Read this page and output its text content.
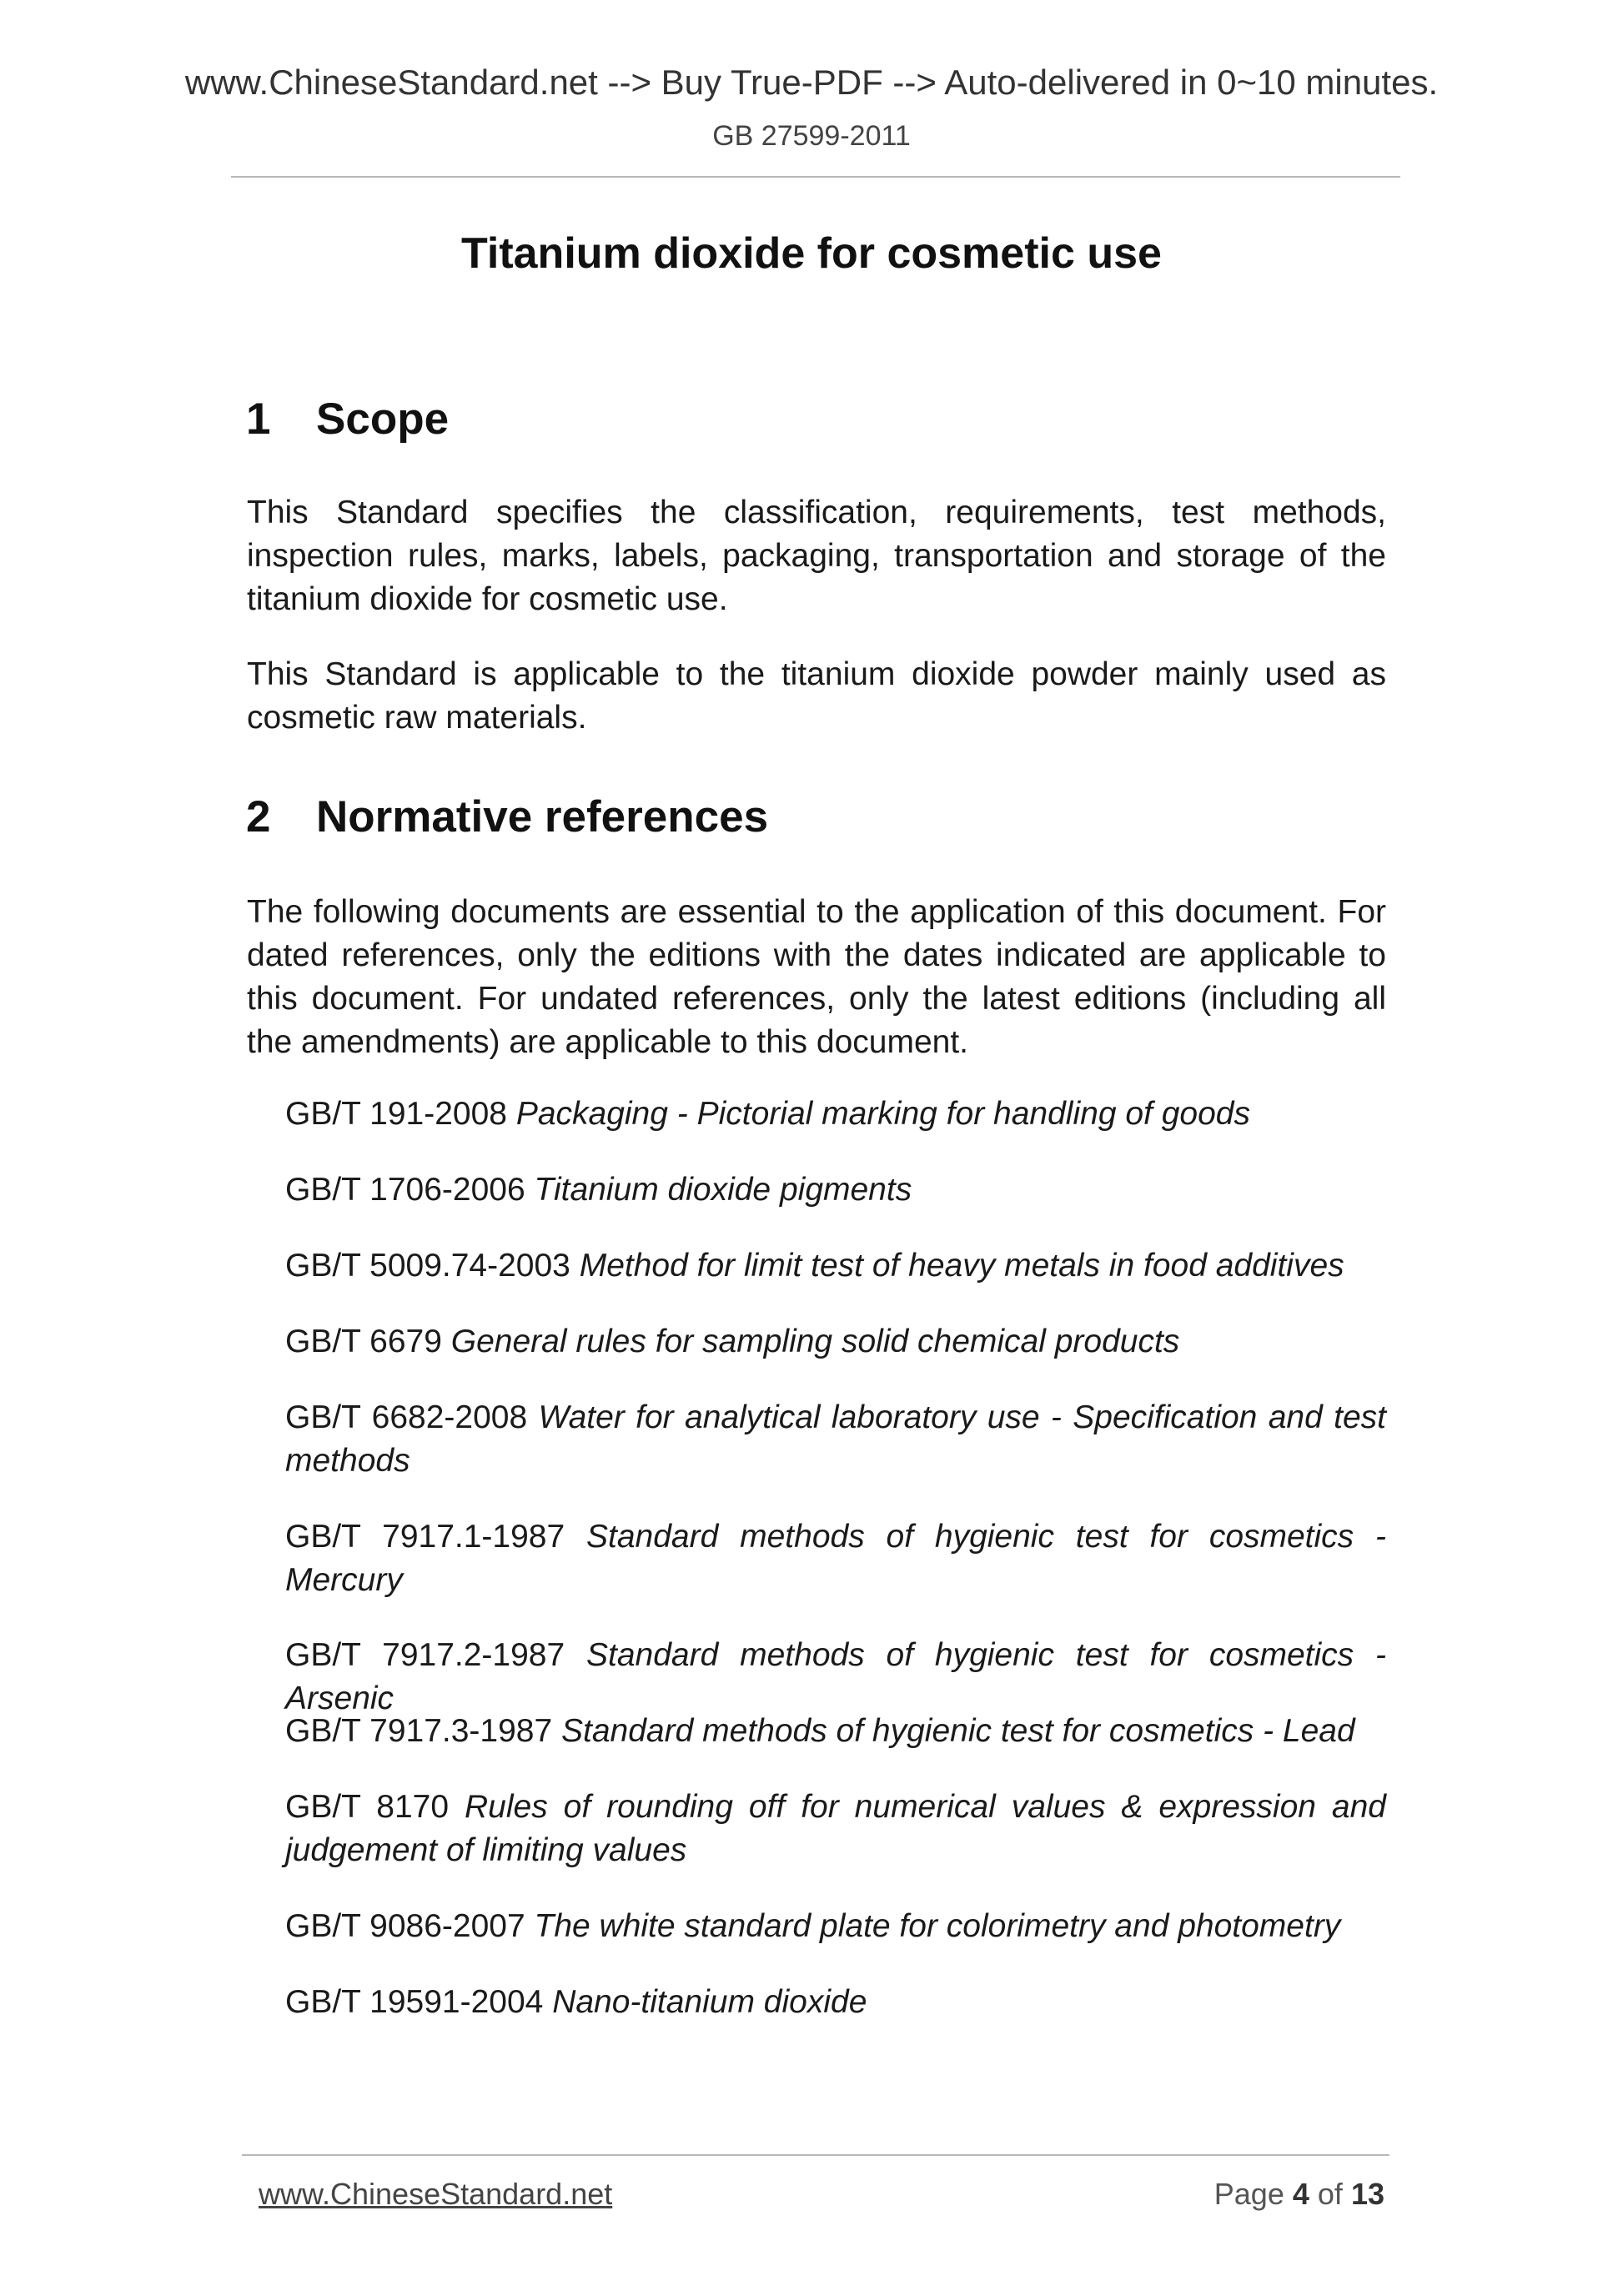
www.ChineseStandard.net --> Buy True-PDF --> Auto-delivered in 0~10 minutes.
GB 27599-2011
Titanium dioxide for cosmetic use
1	Scope
This Standard specifies the classification, requirements, test methods, inspection rules, marks, labels, packaging, transportation and storage of the titanium dioxide for cosmetic use.
This Standard is applicable to the titanium dioxide powder mainly used as cosmetic raw materials.
2	Normative references
The following documents are essential to the application of this document. For dated references, only the editions with the dates indicated are applicable to this document. For undated references, only the latest editions (including all the amendments) are applicable to this document.
GB/T 191-2008 Packaging - Pictorial marking for handling of goods
GB/T 1706-2006 Titanium dioxide pigments
GB/T 5009.74-2003 Method for limit test of heavy metals in food additives
GB/T 6679 General rules for sampling solid chemical products
GB/T 6682-2008 Water for analytical laboratory use - Specification and test methods
GB/T 7917.1-1987 Standard methods of hygienic test for cosmetics - Mercury
GB/T 7917.2-1987 Standard methods of hygienic test for cosmetics - Arsenic
GB/T 7917.3-1987 Standard methods of hygienic test for cosmetics - Lead
GB/T 8170 Rules of rounding off for numerical values & expression and judgement of limiting values
GB/T 9086-2007 The white standard plate for colorimetry and photometry
GB/T 19591-2004 Nano-titanium dioxide
www.ChineseStandard.net	Page 4 of 13
